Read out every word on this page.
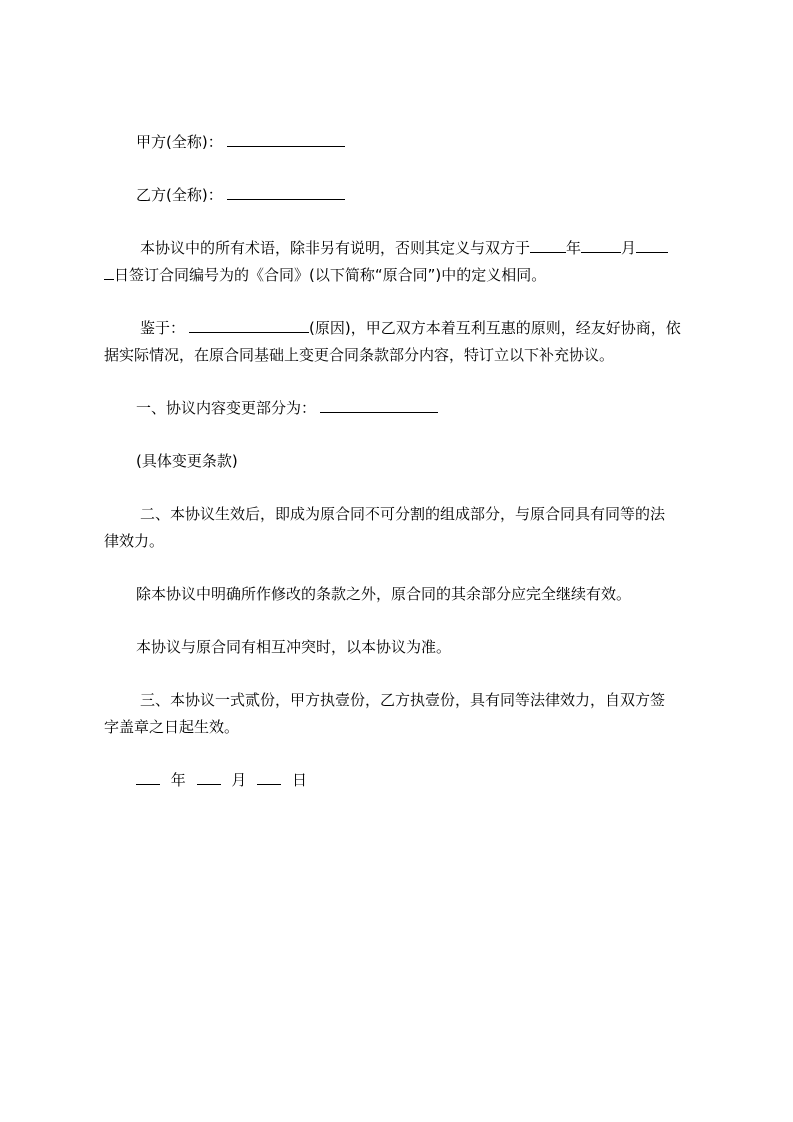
甲方(全称)：
乙方(全称)：
本协议中的所有术语，除非另有说明，否则其定义与双方于 年	月
日签订合同编号为的《合同》(以下简称“原合同”)中的定义相同。
鉴于：	(原因)，甲乙双方本着互利互惠的原则，经友好协商，依
据实际情况，在原合同基础上变更合同条款部分内容，特订立以下补充协议。
一、协议内容变更部分为：
(具体变更条款)
二、本协议生效后，即成为原合同不可分割的组成部分，与原合同具有同等的法
律效力。
除本协议中明确所作修改的条款之外，原合同的其余部分应完全继续有效。
本协议与原合同有相互冲突时，以本协议为准。
三、本协议一式贰份，甲方执壹份，乙方执壹份，具有同等法律效力，自双方签
字盖章之日起生效。
年	月	日
